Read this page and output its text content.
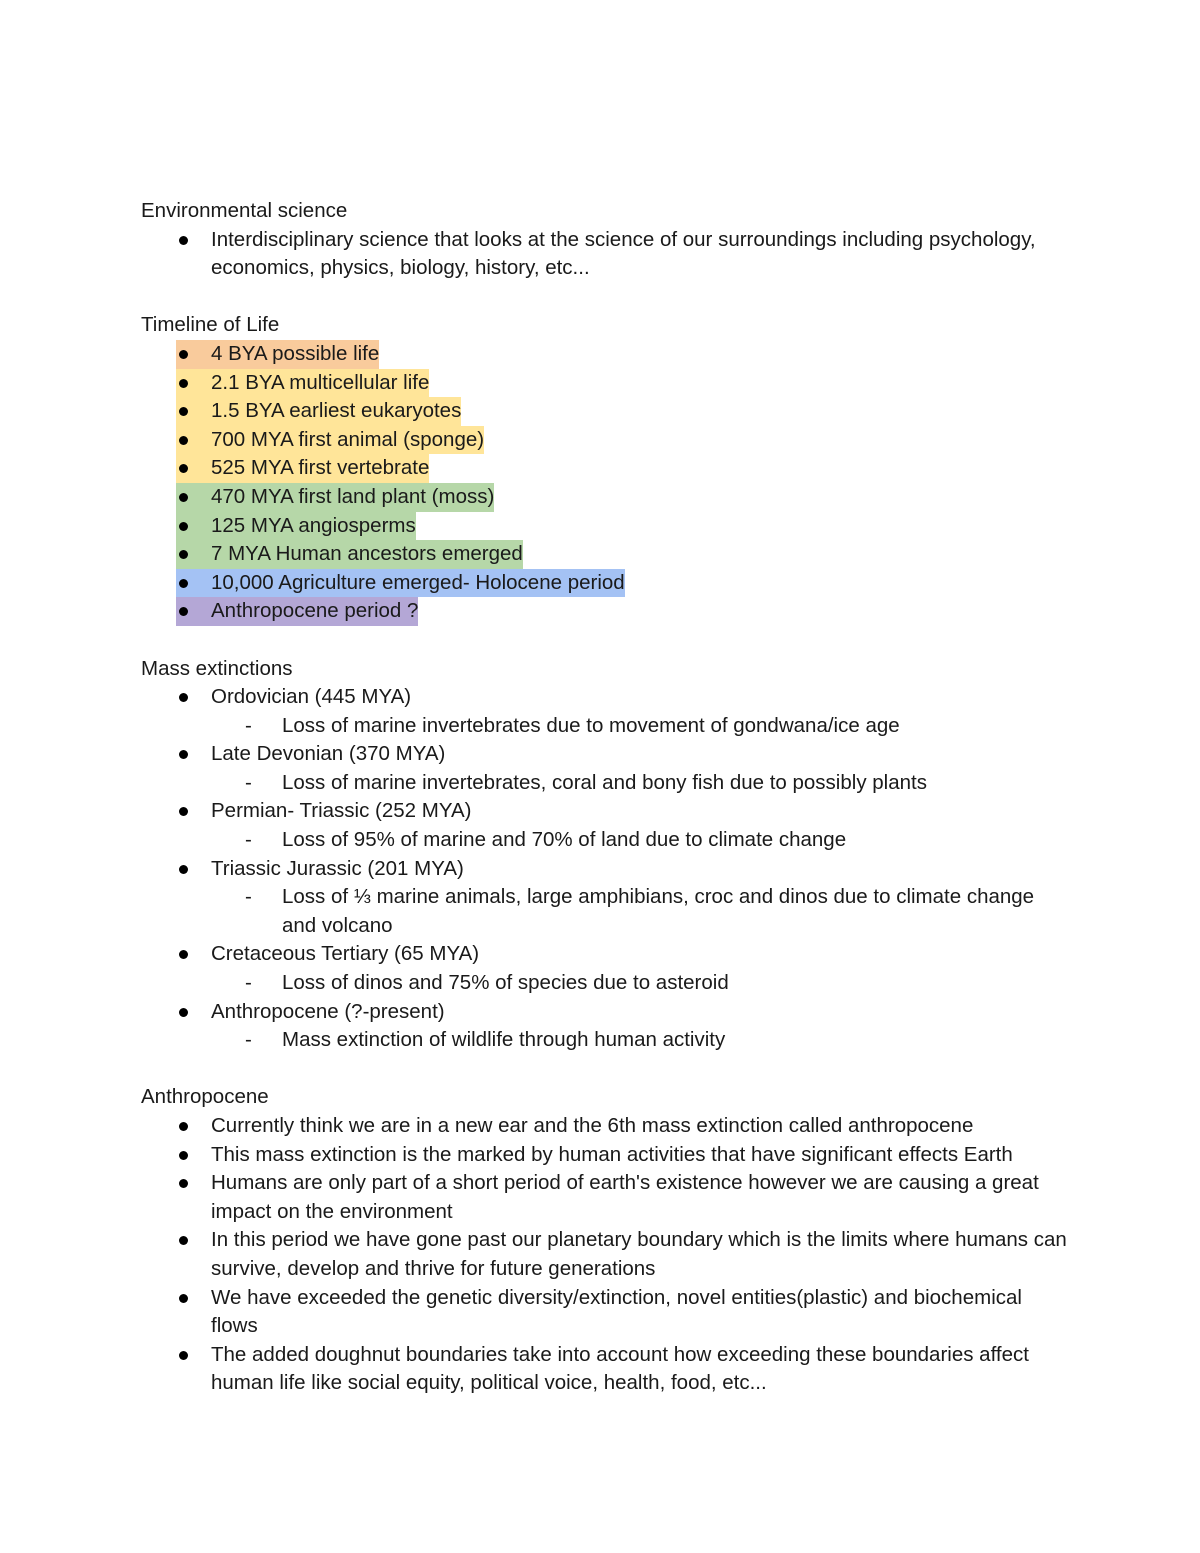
Environmental science

Interdisciplinary science that looks at the science of our surroundings including psychology, economics, physics, biology, history, etc...

Timeline of Life

4 BYA possible life
2.1 BYA multicellular life
1.5 BYA earliest eukaryotes
700 MYA first animal (sponge)
525 MYA first vertebrate
470 MYA first land plant (moss)
125 MYA angiosperms
7 MYA Human ancestors emerged
10,000 Agriculture emerged- Holocene period
Anthropocene period ?

Mass extinctions

Ordovician (445 MYA)
- Loss of marine invertebrates due to movement of gondwana/ice age
Late Devonian (370 MYA)
- Loss of marine invertebrates, coral and bony fish due to possibly plants
Permian- Triassic (252 MYA)
- Loss of 95% of marine and 70% of land due to climate change
Triassic Jurassic (201 MYA)
- Loss of ⅓ marine animals, large amphibians, croc and dinos due to climate change and volcano
Cretaceous Tertiary (65 MYA)
- Loss of dinos and 75% of species due to asteroid
Anthropocene (?-present)
- Mass extinction of wildlife through human activity

Anthropocene

Currently think we are in a new ear and the 6th mass extinction called anthropocene
This mass extinction is the marked by human activities that have significant effects Earth
Humans are only part of a short period of earth's existence however we are causing a great impact on the environment
In this period we have gone past our planetary boundary which is the limits where humans can survive, develop and thrive for future generations
We have exceeded the genetic diversity/extinction, novel entities(plastic) and biochemical flows
The added doughnut boundaries take into account how exceeding these boundaries affect human life like social equity, political voice, health, food, etc...
